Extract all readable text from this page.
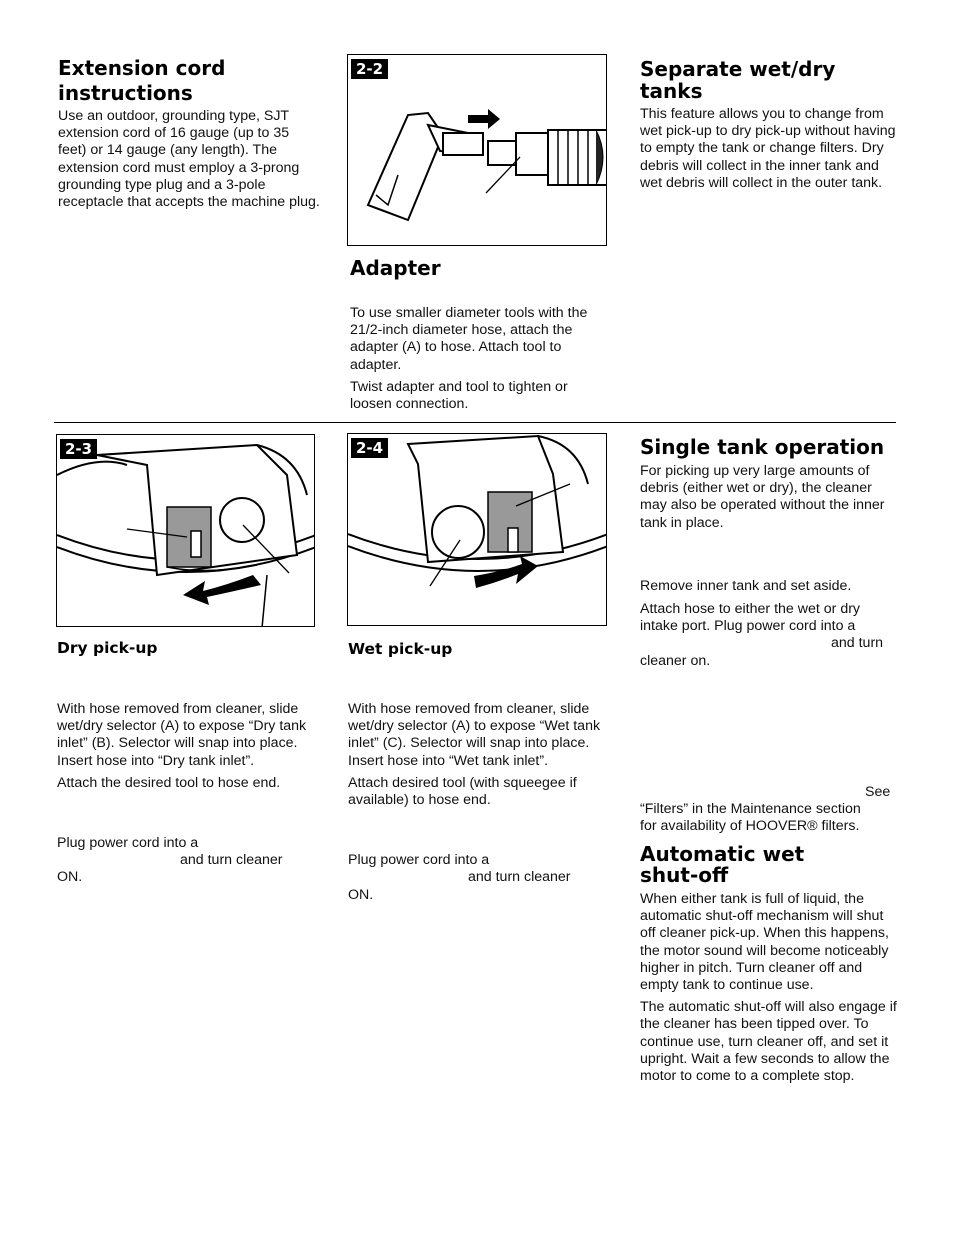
Extension cord
instructions

Use an outdoor, grounding type, SJT extension cord of 16 gauge (up to 35 feet) or 14 gauge (any length). The extension cord must employ a 3-prong grounding type plug and a 3-pole receptacle that accepts the machine plug.

2-2
Adapter

To use smaller diameter tools with the 21/2-inch diameter hose, attach the adapter (A) to hose. Attach tool to adapter.

Twist adapter and tool to tighten or loosen connection.

Separate wet/dry
tanks

This feature allows you to change from wet pick-up to dry pick-up without having to empty the tank or change filters. Dry debris will collect in the inner tank and wet debris will collect in the outer tank.

2-3	2-4
Dry pick-up

With hose removed from cleaner, slide wet/dry selector (A) to expose “Dry tank inlet” (B). Selector will snap into place. Insert hose into “Dry tank inlet”.

Attach the desired tool to hose end.

Plug power cord into a
and turn cleaner
ON.

Wet pick-up

With hose removed from cleaner, slide wet/dry selector (A) to expose “Wet tank inlet” (C). Selector will snap into place. Insert hose into “Wet tank inlet”.

Attach desired tool (with squeegee if available) to hose end.

Plug power cord into a
and turn cleaner
ON.

Single tank operation

For picking up very large amounts of debris (either wet or dry), the cleaner may also be operated without the inner tank in place.

Remove inner tank and set aside.

Attach hose to either the wet or dry
intake port. Plug power cord into a
and turn
cleaner on.

See
“Filters” in the Maintenance section
for availability of HOOVER® filters.

Automatic wet
shut-off

When either tank is full of liquid, the automatic shut-off mechanism will shut off cleaner pick-up. When this happens, the motor sound will become noticeably higher in pitch. Turn cleaner off and empty tank to continue use.

The automatic shut-off will also engage if the cleaner has been tipped over. To continue use, turn cleaner off, and set it upright. Wait a few seconds to allow the motor to come to a complete stop.
